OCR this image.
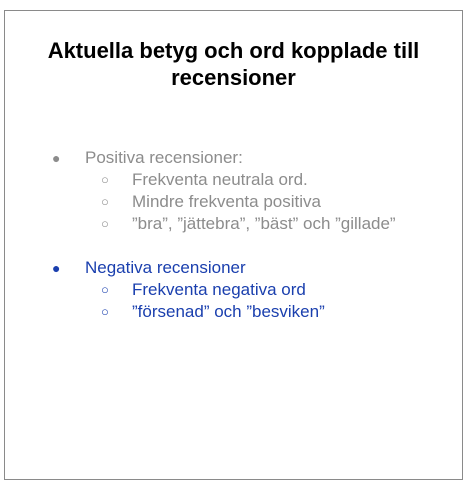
Aktuella betyg och ord kopplade till recensioner
●	Positiva recensioner:
○	Frekventa neutrala ord.
○	Mindre frekventa positiva
○	”bra”, ”jättebra”, ”bäst” och ”gillade”
●	Negativa recensioner
○	Frekventa negativa ord
○	”försenad” och ”besviken”
